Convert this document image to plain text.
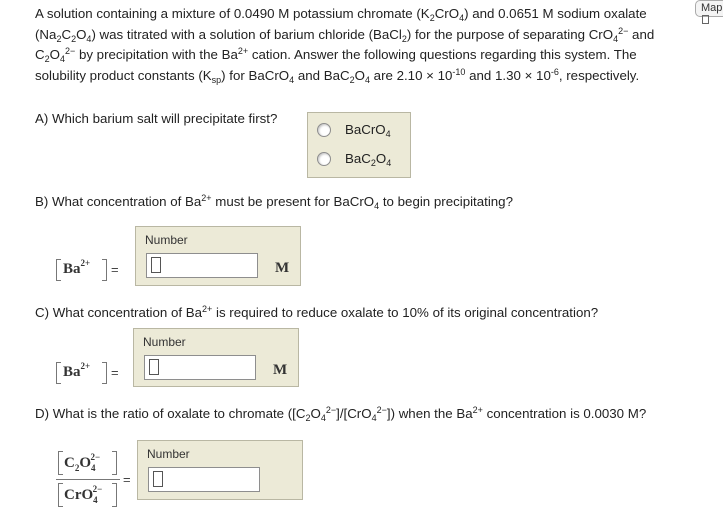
Map

A solution containing a mixture of 0.0490 M potassium chromate $(K_2CrO_4)$ and 0.0651 M sodium oxalate

$(Na_2C_2O_4)$ was titrated with a solution of barium chloride (BaCl$_2$) for the purpose of separating CrO$_4^{2-}$ and

$C_2O_4^{2-}$ by precipitation with the $Ba^{2+}$ cation. Answer the following questions regarding this system. The

solubility product constants $(K_{sp})$ for BaCrO$_4$ and $BaC_2O_4$ are $2.10 \times 10^{-10}$ and $1.30 \times 10^{-6}$, respectively.

A) Which barium salt will precipitate first?
BaCrO$_4$
$BaC_2O_4$
B) What concentration of $Ba^{2+}$ must be present for BaCrO$_4$ to begin precipitating?
$Ba^{2+}$ =
Number
M
C) What concentration of $Ba^{2+}$ is required to reduce oxalate to 10% of its original concentration?
$Ba^{2+}$ =
Number
M
D) What is the ratio of oxalate to chromate $([C_2O_4^{2-}]/[CrO_4^{2-}])$ when the $Ba^{2+}$ concentration is 0.0030 M?
$C_2O_4^{2-}$
CrO$_4^{2-}$
=
Number
